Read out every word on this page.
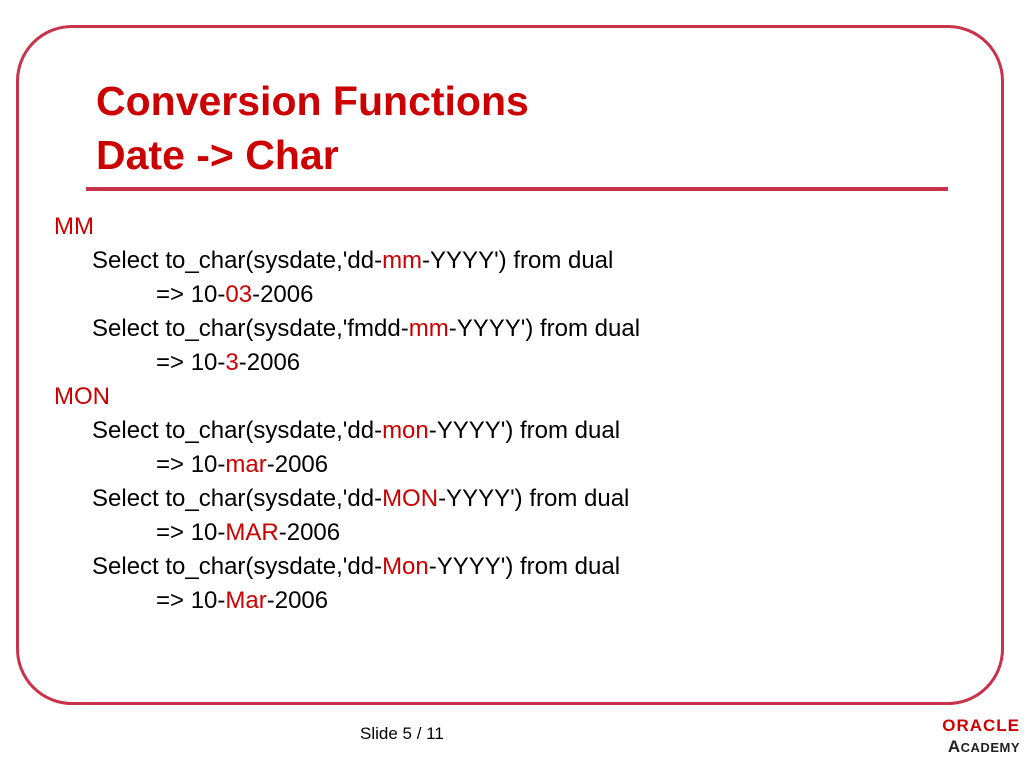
Conversion Functions
Date -> Char
MM
Select to_char(sysdate,'dd-mm-YYYY') from dual
=> 10-03-2006
Select to_char(sysdate,'fmdd-mm-YYYY') from dual
=> 10-3-2006
MON
Select to_char(sysdate,'dd-mon-YYYY') from dual
=> 10-mar-2006
Select to_char(sysdate,'dd-MON-YYYY') from dual
=> 10-MAR-2006
Select to_char(sysdate,'dd-Mon-YYYY') from dual
=> 10-Mar-2006
Slide 5 / 11	ORACLE
ACADEMY
